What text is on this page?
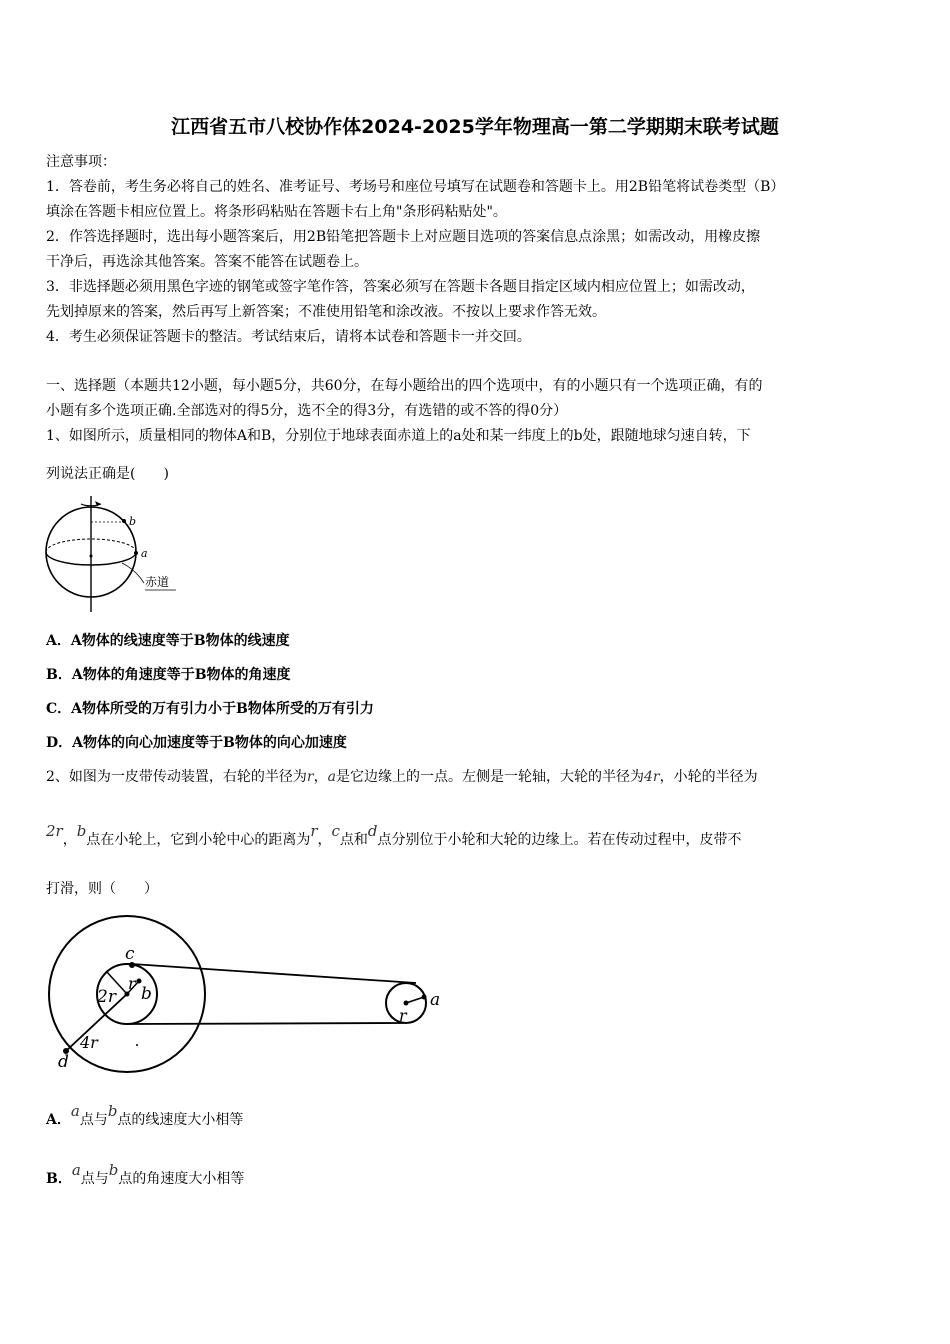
江西省五市八校协作体2024-2025学年物理高一第二学期期末联考试题
注意事项：
1．答卷前，考生务必将自己的姓名、准考证号、考场号和座位号填写在试题卷和答题卡上。用2B铅笔将试卷类型（B）
填涂在答题卡相应位置上。将条形码粘贴在答题卡右上角"条形码粘贴处"。
2．作答选择题时，选出每小题答案后，用2B铅笔把答题卡上对应题目选项的答案信息点涂黑；如需改动，用橡皮擦
干净后，再选涂其他答案。答案不能答在试题卷上。
3．非选择题必须用黑色字迹的钢笔或签字笔作答，答案必须写在答题卡各题目指定区域内相应位置上；如需改动，
先划掉原来的答案，然后再写上新答案；不准使用铅笔和涂改液。不按以上要求作答无效。
4．考生必须保证答题卡的整洁。考试结束后，请将本试卷和答题卡一并交回。
一、选择题（本题共12小题，每小题5分，共60分，在每小题给出的四个选项中，有的小题只有一个选项正确，有的
小题有多个选项正确.全部选对的得5分，选不全的得3分，有选错的或不答的得0分）
1、如图所示，质量相同的物体A和B，分别位于地球表面赤道上的a处和某一纬度上的b处，跟随地球匀速自转，下
列说法正确是(　　)
b
a
赤道
A．A物体的线速度等于B物体的线速度
B．A物体的角速度等于B物体的角速度
C．A物体所受的万有引力小于B物体所受的万有引力
D．A物体的向心加速度等于B物体的向心加速度
2、如图为一皮带传动装置，右轮的半径为r，a是它边缘上的一点。左侧是一轮轴，大轮的半径为4r，小轮的半径为
2r，b点在小轮上，它到小轮中心的距离为r，c点和d点分别位于小轮和大轮的边缘上。若在传动过程中，皮带不
打滑，则（　　）
c
r
2r b	a
r
4r
d
A．a点与b点的线速度大小相等
B．a点与b点的角速度大小相等
